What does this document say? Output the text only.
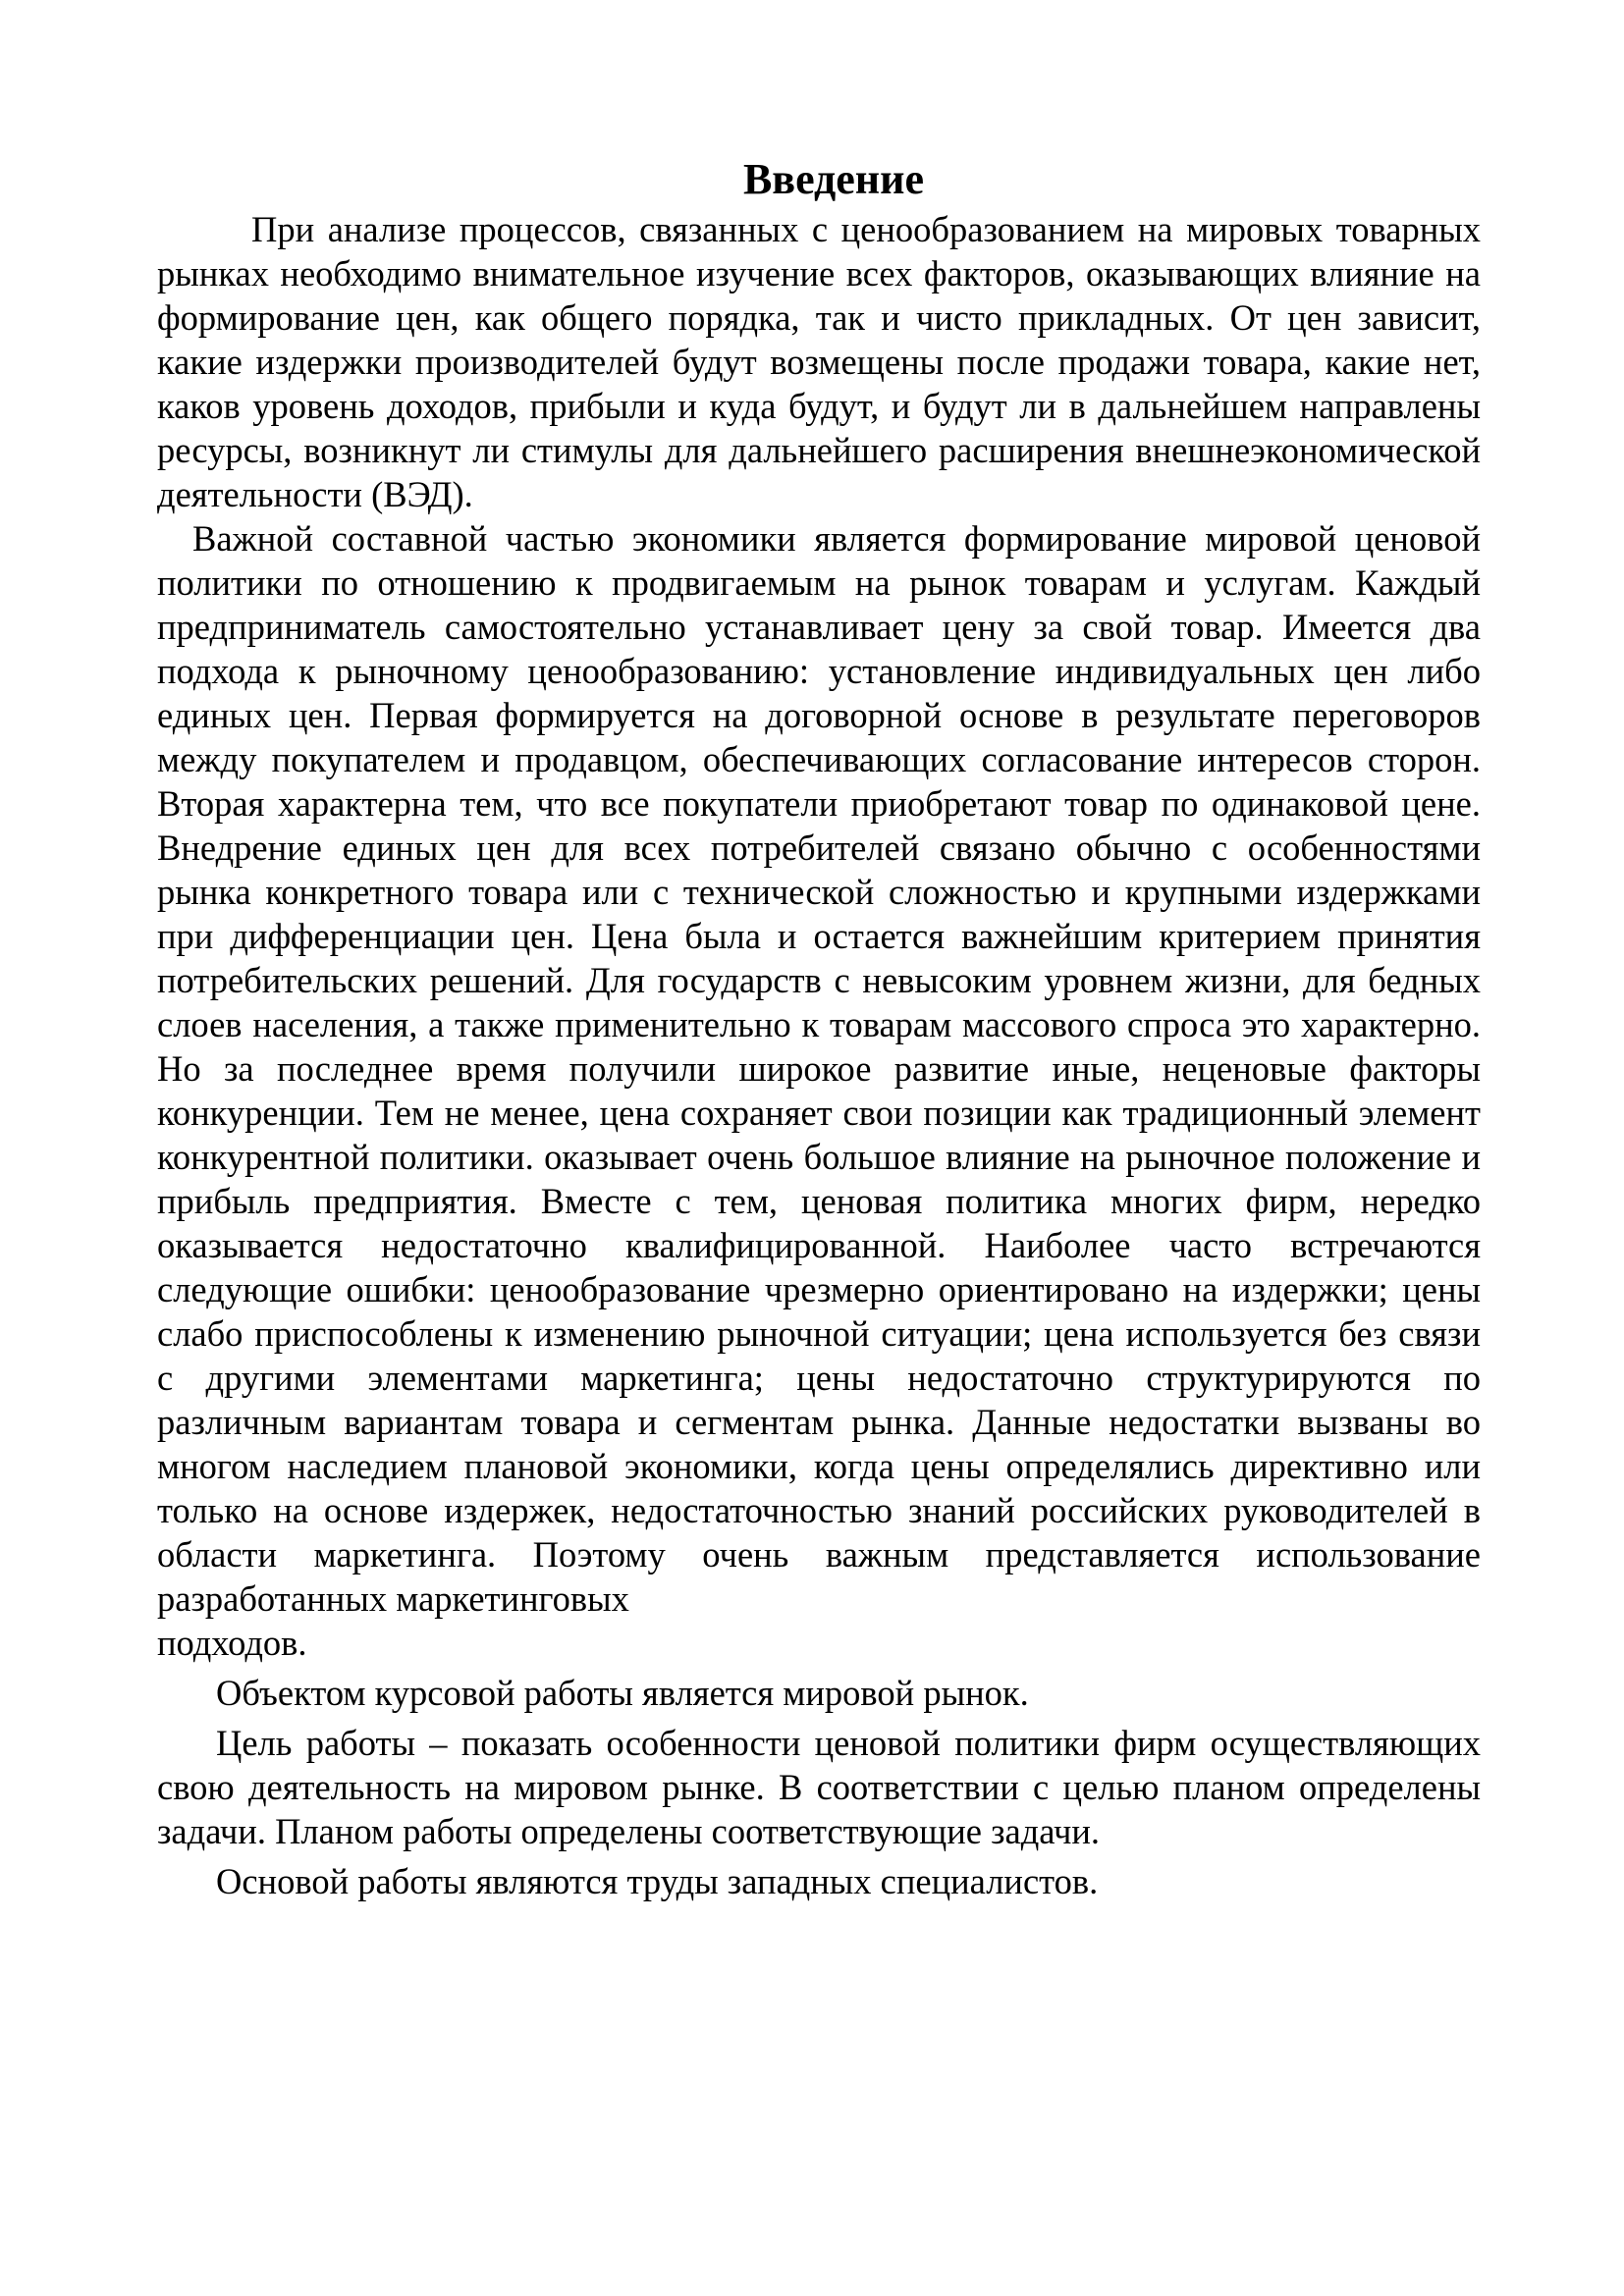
Введение

При анализе процессов, связанных с ценообразованием на мировых товарных рынках необходимо внимательное изучение всех факторов, оказывающих влияние на формирование цен, как общего порядка, так и чисто прикладных. От цен зависит, какие издержки производителей будут возмещены после продажи товара, какие нет, каков уровень доходов, прибыли и куда будут, и будут ли в дальнейшем направлены ресурсы, возникнут ли стимулы для дальнейшего расширения внешнеэкономической деятельности (ВЭД).

Важной составной частью экономики является формирование мировой ценовой политики по отношению к продвигаемым на рынок товарам и услугам. Каждый предприниматель самостоятельно устанавливает цену за свой товар. Имеется два подхода к рыночному ценообразованию: установление индивидуальных цен либо единых цен. Первая формируется на договорной основе в результате переговоров между покупателем и продавцом, обеспечивающих согласование интересов сторон. Вторая характерна тем, что все покупатели приобретают товар по одинаковой цене. Внедрение единых цен для всех потребителей связано обычно с особенностями рынка конкретного товара или с технической сложностью и крупными издержками при дифференциации цен. Цена была и остается важнейшим критерием принятия потребительских решений. Для государств с невысоким уровнем жизни, для бедных слоев населения, а также применительно к товарам массового спроса это характерно. Но за последнее время получили широкое развитие иные, неценовые факторы конкуренции. Тем не менее, цена сохраняет свои позиции как традиционный элемент конкурентной политики. оказывает очень большое влияние на рыночное положение и прибыль предприятия. Вместе с тем, ценовая политика многих фирм, нередко оказывается недостаточно квалифицированной. Наиболее часто встречаются следующие ошибки: ценообразование чрезмерно ориентировано на издержки; цены слабо приспособлены к изменению рыночной ситуации; цена используется без связи с другими элементами маркетинга; цены недостаточно структурируются по различным вариантам товара и сегментам рынка. Данные недостатки вызваны во многом наследием плановой экономики, когда цены определялись директивно или только на основе издержек, недостаточностью знаний российских руководителей в области маркетинга. Поэтому очень важным представляется использование разработанных маркетинговых

подходов.

Объектом курсовой работы является мировой рынок.

Цель работы – показать особенности ценовой политики фирм осуществляющих свою деятельность на мировом рынке. В соответствии с целью планом определены задачи. Планом работы определены соответствующие задачи.

Основой работы являются труды западных специалистов.
